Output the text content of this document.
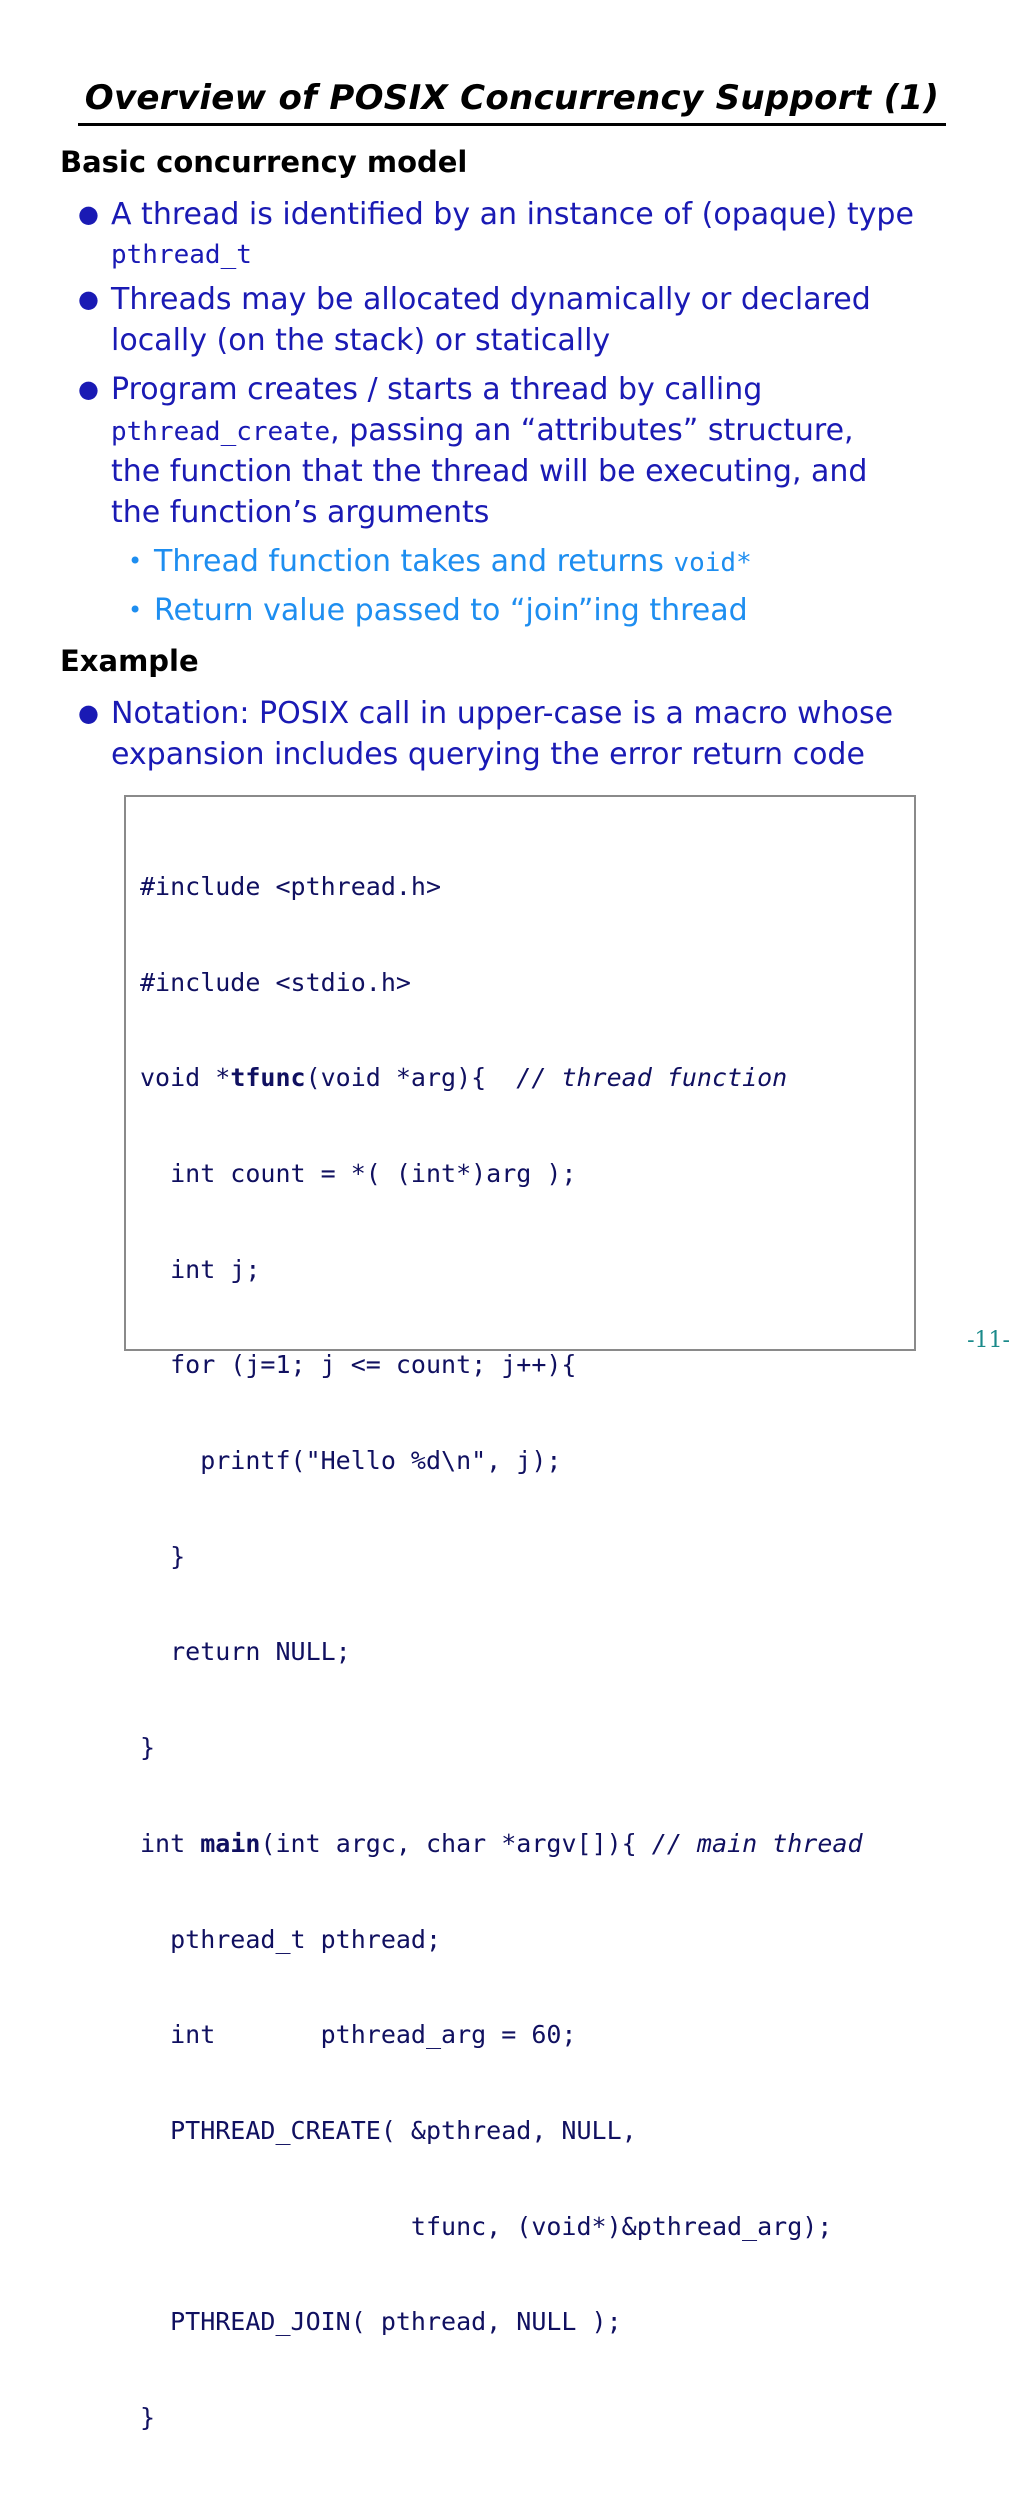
Overview of POSIX Concurrency Support (1)
Basic concurrency model
● A thread is identified by an instance of (opaque) type
pthread_t
● Threads may be allocated dynamically or declared
locally (on the stack) or statically
● Program creates / starts a thread by calling
pthread_create, passing an “attributes” structure,
the function that the thread will be executing, and
the function’s arguments
• Thread function takes and returns void*
• Return value passed to “join”ing thread
Example
● Notation: POSIX call in upper-case is a macro whose
expansion includes querying the error return code

#include <pthread.h>

#include <stdio.h>

void *tfunc(void *arg){  // thread function

int count = *( (int*)arg );

int j;

for (j=1; j <= count; j++){

printf("Hello %d\n", j);

}

return NULL;

}

int main(int argc, char *argv[]){ // main thread

pthread_t pthread;

int       pthread_arg = 60;

PTHREAD_CREATE( &pthread, NULL,

tfunc, (void*)&pthread_arg);

PTHREAD_JOIN( pthread, NULL );

}

-11-
